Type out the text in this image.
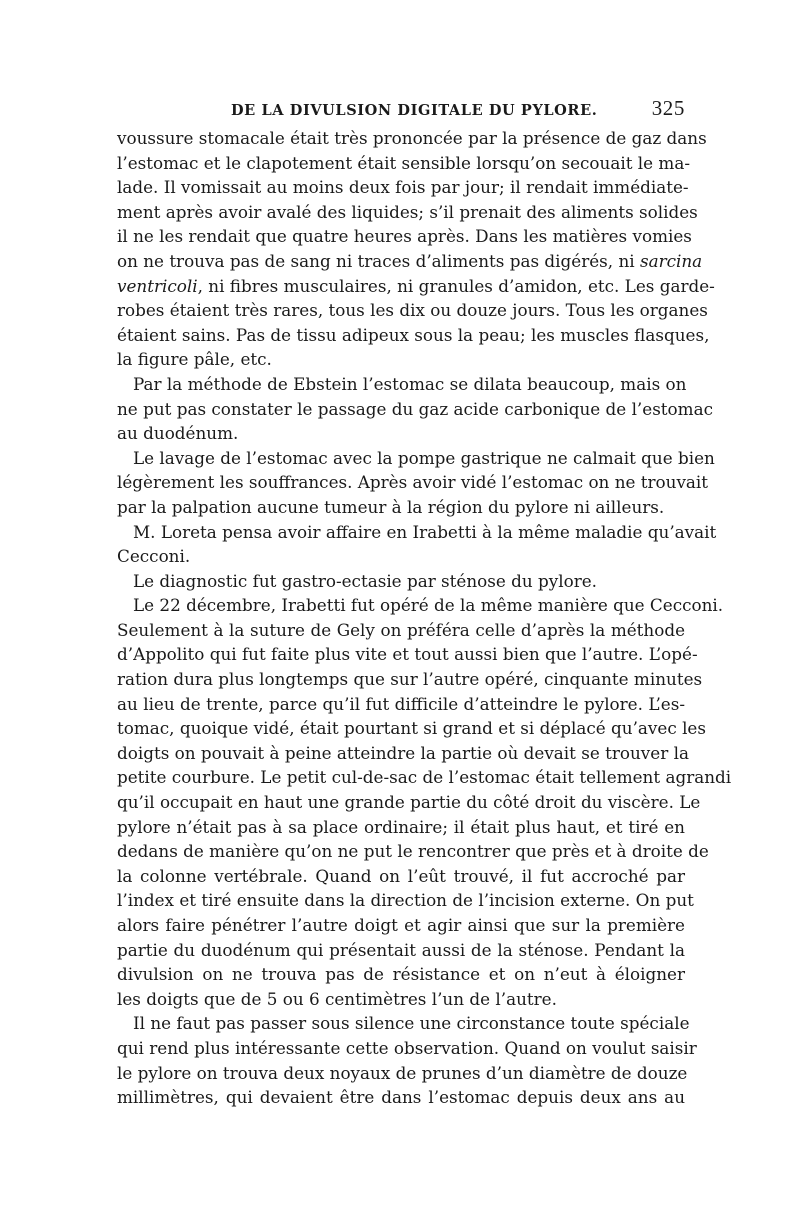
DE LA DIVULSION DIGITALE DU PYLORE.	325
voussure stomacale était très prononcée par la présence de gaz dans
l’estomac et le clapotement était sensible lorsqu’on secouait le ma-
lade. Il vomissait au moins deux fois par jour; il rendait immédiate-
ment après avoir avalé des liquides; s’il prenait des aliments solides
il ne les rendait que quatre heures après. Dans les matières vomies
on ne trouva pas de sang ni traces d’aliments pas digérés, ni sarcina
ventricoli, ni fibres musculaires, ni granules d’amidon, etc. Les garde-
robes étaient très rares, tous les dix ou douze jours. Tous les organes
étaient sains. Pas de tissu adipeux sous la peau; les muscles flasques,
la figure pâle, etc.
Par la méthode de Ebstein l’estomac se dilata beaucoup, mais on
ne put pas constater le passage du gaz acide carbonique de l’estomac
au duodénum.
Le lavage de l’estomac avec la pompe gastrique ne calmait que bien
légèrement les souffrances. Après avoir vidé l’estomac on ne trouvait
par la palpation aucune tumeur à la région du pylore ni ailleurs.
M. Loreta pensa avoir affaire en Irabetti à la même maladie qu’avait
Cecconi.
Le diagnostic fut gastro-ectasie par sténose du pylore.
Le 22 décembre, Irabetti fut opéré de la même manière que Cecconi.
Seulement à la suture de Gely on préféra celle d’après la méthode
d’Appolito qui fut faite plus vite et tout aussi bien que l’autre. L’opé-
ration dura plus longtemps que sur l’autre opéré, cinquante minutes
au lieu de trente, parce qu’il fut difficile d’atteindre le pylore. L’es-
tomac, quoique vidé, était pourtant si grand et si déplacé qu’avec les
doigts on pouvait à peine atteindre la partie où devait se trouver la
petite courbure. Le petit cul-de-sac de l’estomac était tellement agrandi
qu’il occupait en haut une grande partie du côté droit du viscère. Le
pylore n’était pas à sa place ordinaire; il était plus haut, et tiré en
dedans de manière qu’on ne put le rencontrer que près et à droite de
la colonne vertébrale. Quand on l’eût trouvé, il fut accroché par
l’index et tiré ensuite dans la direction de l’incision externe. On put
alors faire pénétrer l’autre doigt et agir ainsi que sur la première
partie du duodénum qui présentait aussi de la sténose. Pendant la
divulsion on ne trouva pas de résistance et on n’eut à éloigner
les doigts que de 5 ou 6 centimètres l’un de l’autre.
Il ne faut pas passer sous silence une circonstance toute spéciale
qui rend plus intéressante cette observation. Quand on voulut saisir
le pylore on trouva deux noyaux de prunes d’un diamètre de douze
millimètres, qui devaient être dans l’estomac depuis deux ans au
